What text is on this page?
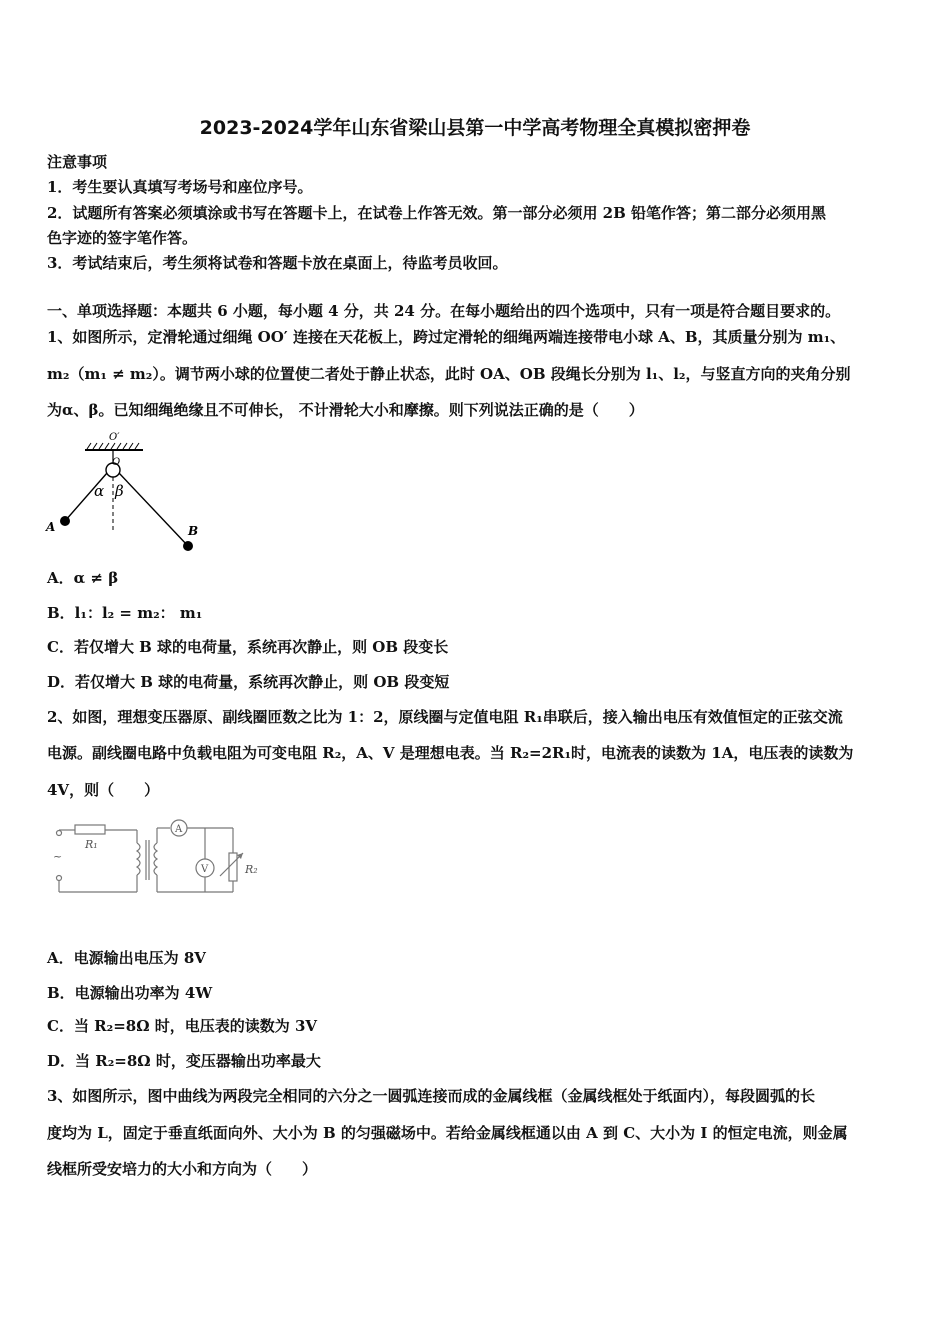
2023-2024学年山东省梁山县第一中学高考物理全真模拟密押卷
注意事项
1．考生要认真填写考场号和座位序号。
2．试题所有答案必须填涂或书写在答题卡上，在试卷上作答无效。第一部分必须用 2B 铅笔作答；第二部分必须用黑
色字迹的签字笔作答。
3．考试结束后，考生须将试卷和答题卡放在桌面上，待监考员收回。
一、单项选择题：本题共 6 小题，每小题 4 分，共 24 分。在每小题给出的四个选项中，只有一项是符合题目要求的。
1、如图所示，定滑轮通过细绳 OO′ 连接在天花板上，跨过定滑轮的细绳两端连接带电小球 A、B，其质量分别为 m₁、
m₂（m₁ ≠ m₂）。调节两小球的位置使二者处于静止状态，此时 OA、OB 段绳长分别为 l₁、l₂，与竖直方向的夹角分别
为α、β。已知细绳绝缘且不可伸长， 不计滑轮大小和摩擦。则下列说法正确的是（　　）
O′
O
A	B
α β
A．α ≠ β
B．l₁：l₂ = m₂： m₁
C．若仅增大 B 球的电荷量，系统再次静止，则 OB 段变长
D．若仅增大 B 球的电荷量，系统再次静止，则 OB 段变短
2、如图，理想变压器原、副线圈匝数之比为 1：2，原线圈与定值电阻 R₁串联后，接入输出电压有效值恒定的正弦交流
电源。副线圈电路中负载电阻为可变电阻 R₂，A、V 是理想电表。当 R₂=2R₁时，电流表的读数为 1A，电压表的读数为
4V，则（　　）
R₁
~
A
V	R₂
A．电源输出电压为 8V
B．电源输出功率为 4W
C．当 R₂=8Ω 时，电压表的读数为 3V
D．当 R₂=8Ω 时，变压器输出功率最大
3、如图所示，图中曲线为两段完全相同的六分之一圆弧连接而成的金属线框（金属线框处于纸面内），每段圆弧的长
度均为 L，固定于垂直纸面向外、大小为 B 的匀强磁场中。若给金属线框通以由 A 到 C、大小为 I 的恒定电流，则金属
线框所受安培力的大小和方向为（　　）
